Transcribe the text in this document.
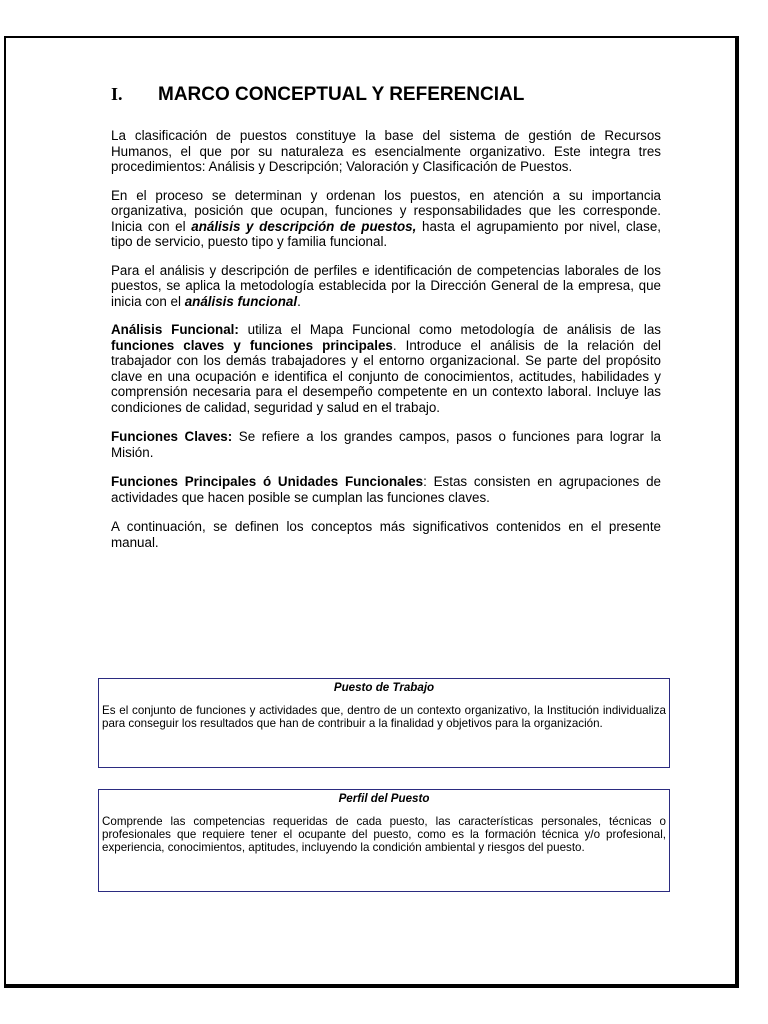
I.	MARCO CONCEPTUAL Y REFERENCIAL

La clasificación de puestos constituye la base del sistema de gestión de Recursos Humanos, el que por su naturaleza es esencialmente organizativo. Este integra tres procedimientos: Análisis y Descripción; Valoración y Clasificación de Puestos.

En el proceso se determinan y ordenan los puestos, en atención a su importancia organizativa, posición que ocupan, funciones y responsabilidades que les corresponde. Inicia con el análisis y descripción de puestos, hasta el agrupamiento por nivel, clase, tipo de servicio, puesto tipo y familia funcional.

Para el análisis y descripción de perfiles e identificación de competencias laborales de los puestos, se aplica la metodología establecida por la Dirección General de la empresa, que inicia con el análisis funcional.

Análisis Funcional: utiliza el Mapa Funcional como metodología de análisis de las funciones claves y funciones principales. Introduce el análisis de la relación del trabajador con los demás trabajadores y el entorno organizacional. Se parte del propósito clave en una ocupación e identifica el conjunto de conocimientos, actitudes, habilidades y comprensión necesaria para el desempeño competente en un contexto laboral. Incluye las condiciones de calidad, seguridad y salud en el trabajo.

Funciones Claves: Se refiere a los grandes campos, pasos o funciones para lograr la Misión.

Funciones Principales ó Unidades Funcionales: Estas consisten en agrupaciones de actividades que hacen posible se cumplan las funciones claves.

A continuación, se definen los conceptos más significativos contenidos en el presente manual.

Puesto de Trabajo
Es el conjunto de funciones y actividades que, dentro de un contexto organizativo, la Institución individualiza para conseguir los resultados que han de contribuir a la finalidad y objetivos para la organización.
Perfil del Puesto
Comprende las competencias requeridas de cada puesto, las características personales, técnicas o profesionales que requiere tener el ocupante del puesto, como es la formación técnica y/o profesional, experiencia, conocimientos, aptitudes, incluyendo la condición ambiental y riesgos del puesto.
